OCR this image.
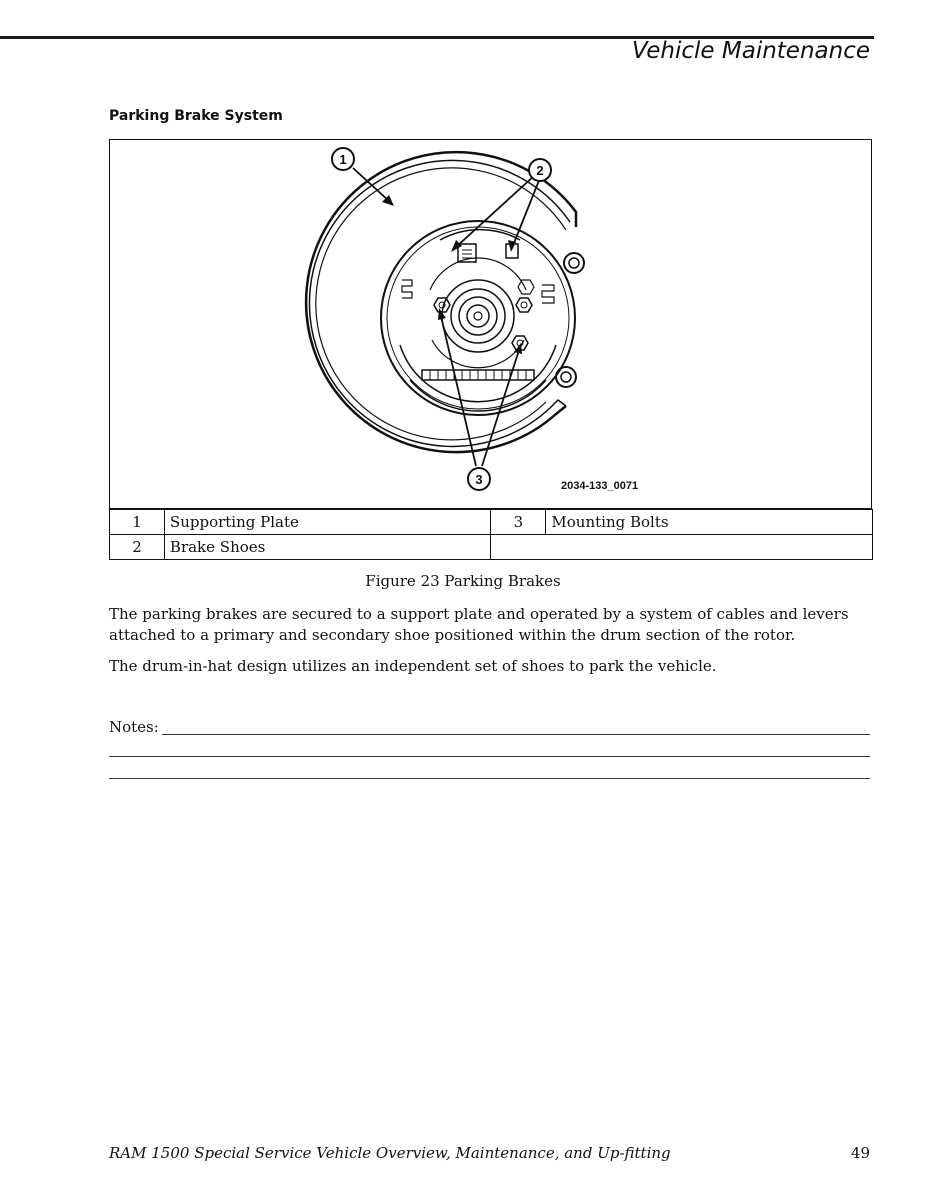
Vehicle Maintenance
Parking Brake System
1
2
3	2034-133_0071
1	Supporting Plate	3	Mounting Bolts
2	Brake Shoes		
Figure 23 Parking Brakes
The parking brakes are secured to a support plate and operated by a system of cables and levers attached to a primary and secondary shoe positioned within the drum section of the rotor.
The drum-in-hat design utilizes an independent set of shoes to park the vehicle.
Notes:
RAM 1500 Special Service Vehicle Overview, Maintenance, and Up-fitting	49
